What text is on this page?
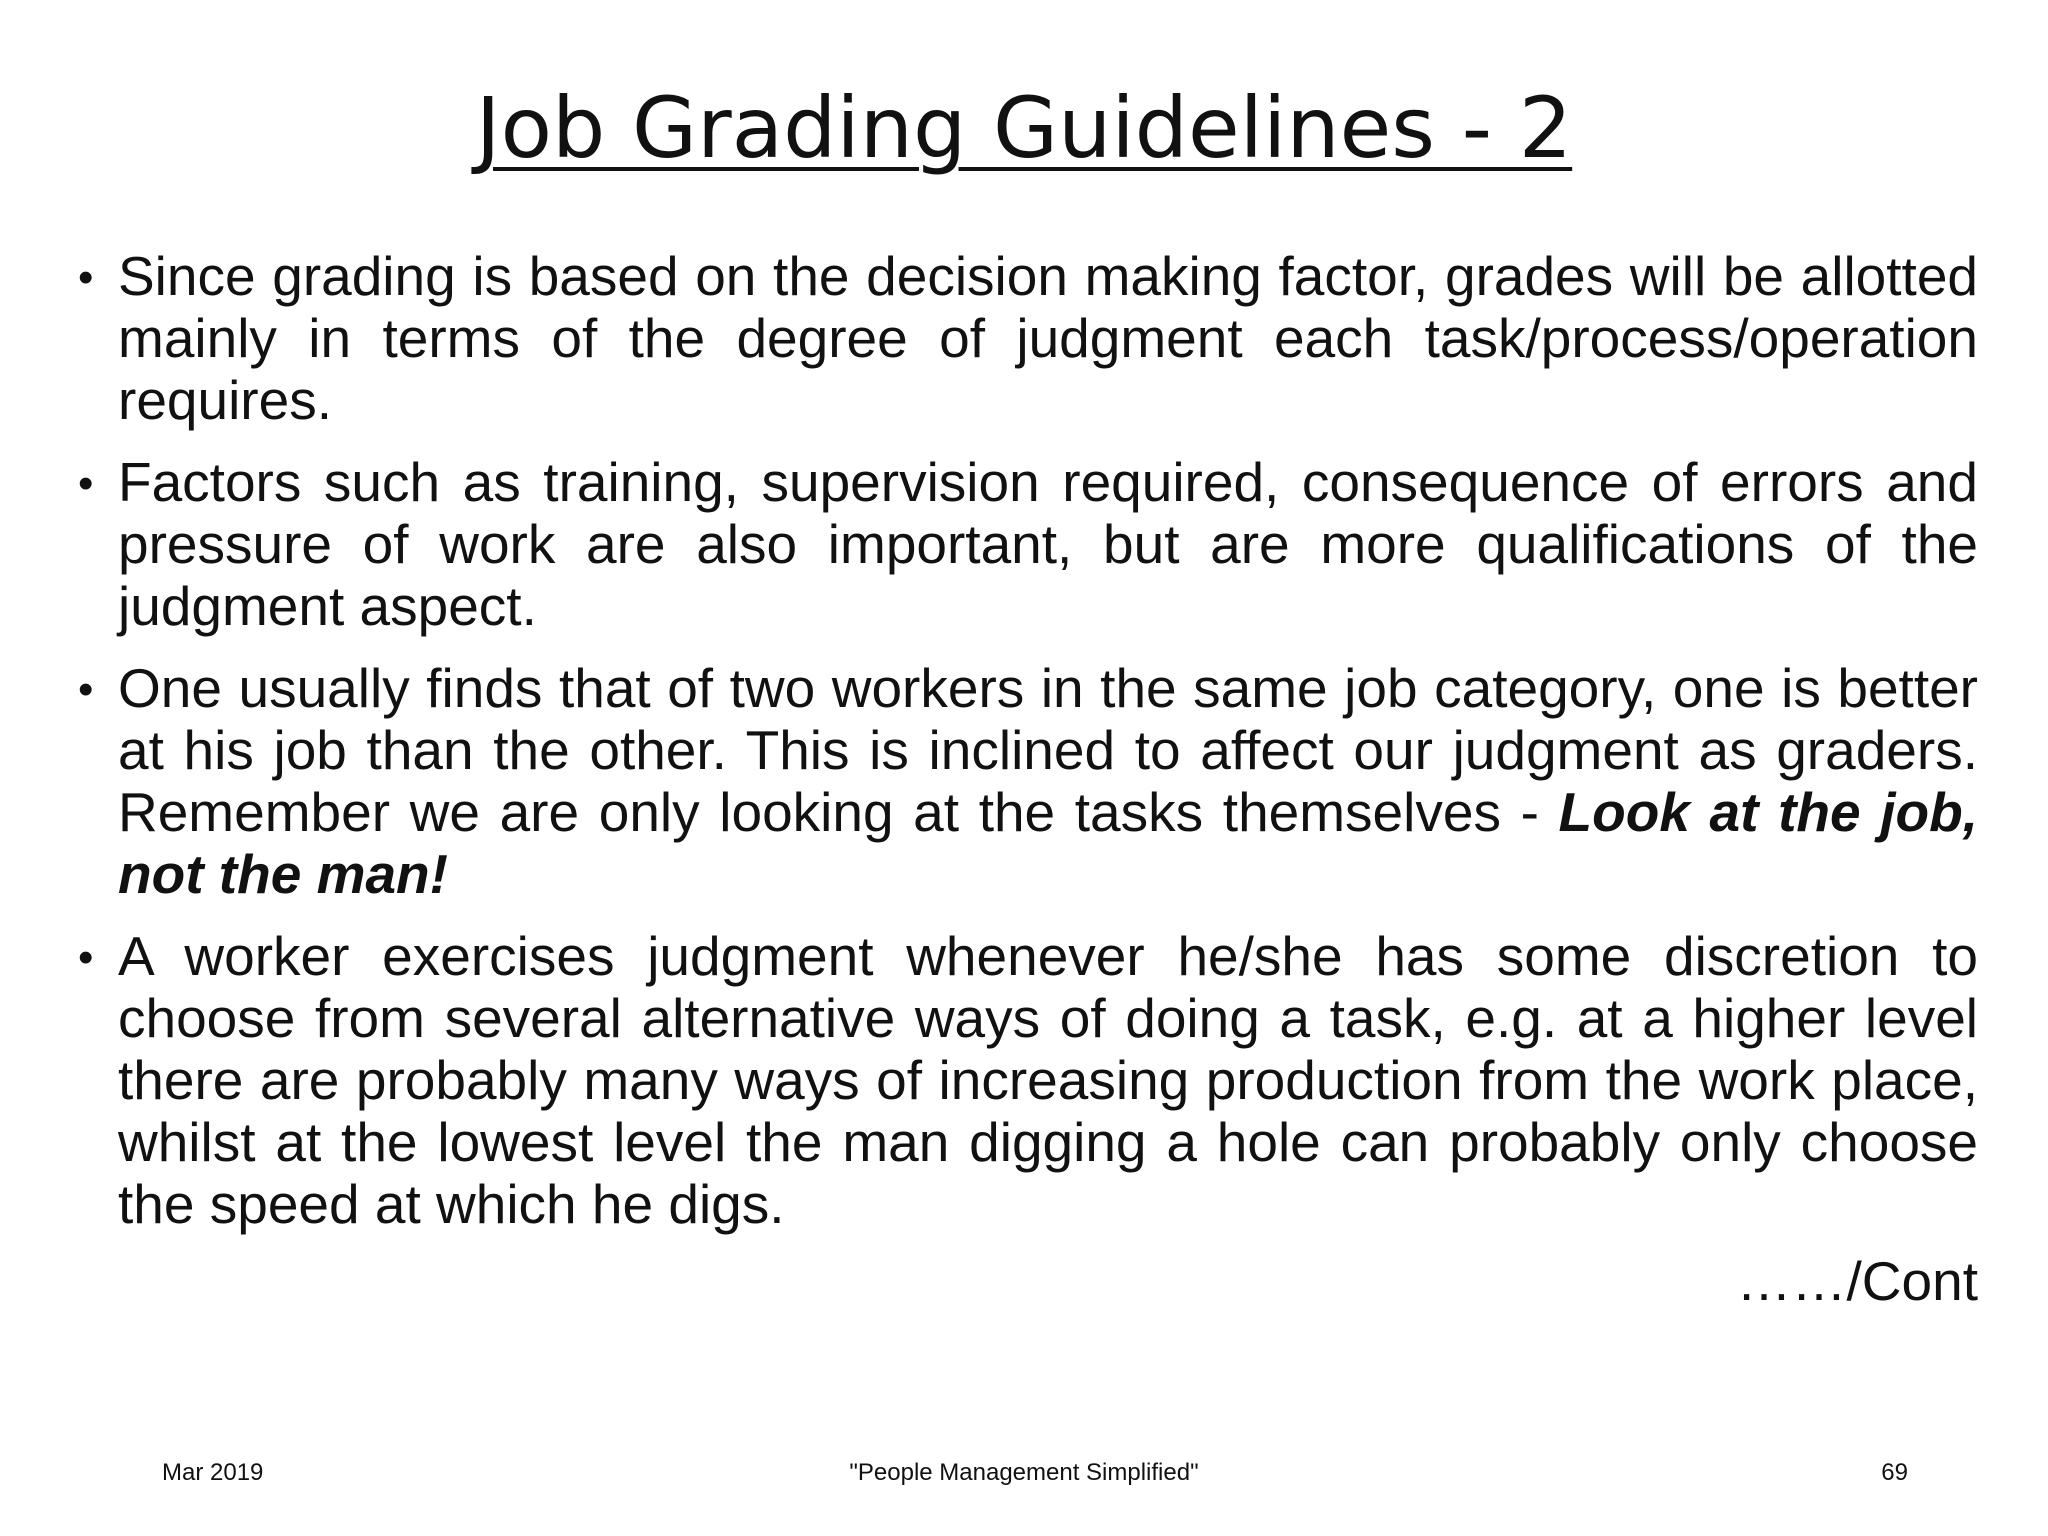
Job Grading Guidelines - 2
• Since grading is based on the decision making factor, grades will be allotted mainly in terms of the degree of judgment each task/process/operation requires.
• Factors such as training, supervision required, consequence of errors and pressure of work are also important, but are more qualifications of the judgment aspect.
• One usually finds that of two workers in the same job category, one is better at his job than the other. This is inclined to affect our judgment as graders. Remember we are only looking at the tasks themselves - Look at the job, not the man!
• A worker exercises judgment whenever he/she has some discretion to choose from several alternative ways of doing a task, e.g. at a higher level there are probably many ways of increasing production from the work place, whilst at the lowest level the man digging a hole can probably only choose the speed at which he digs.
……/Cont
Mar 2019	"People Management Simplified"	69
